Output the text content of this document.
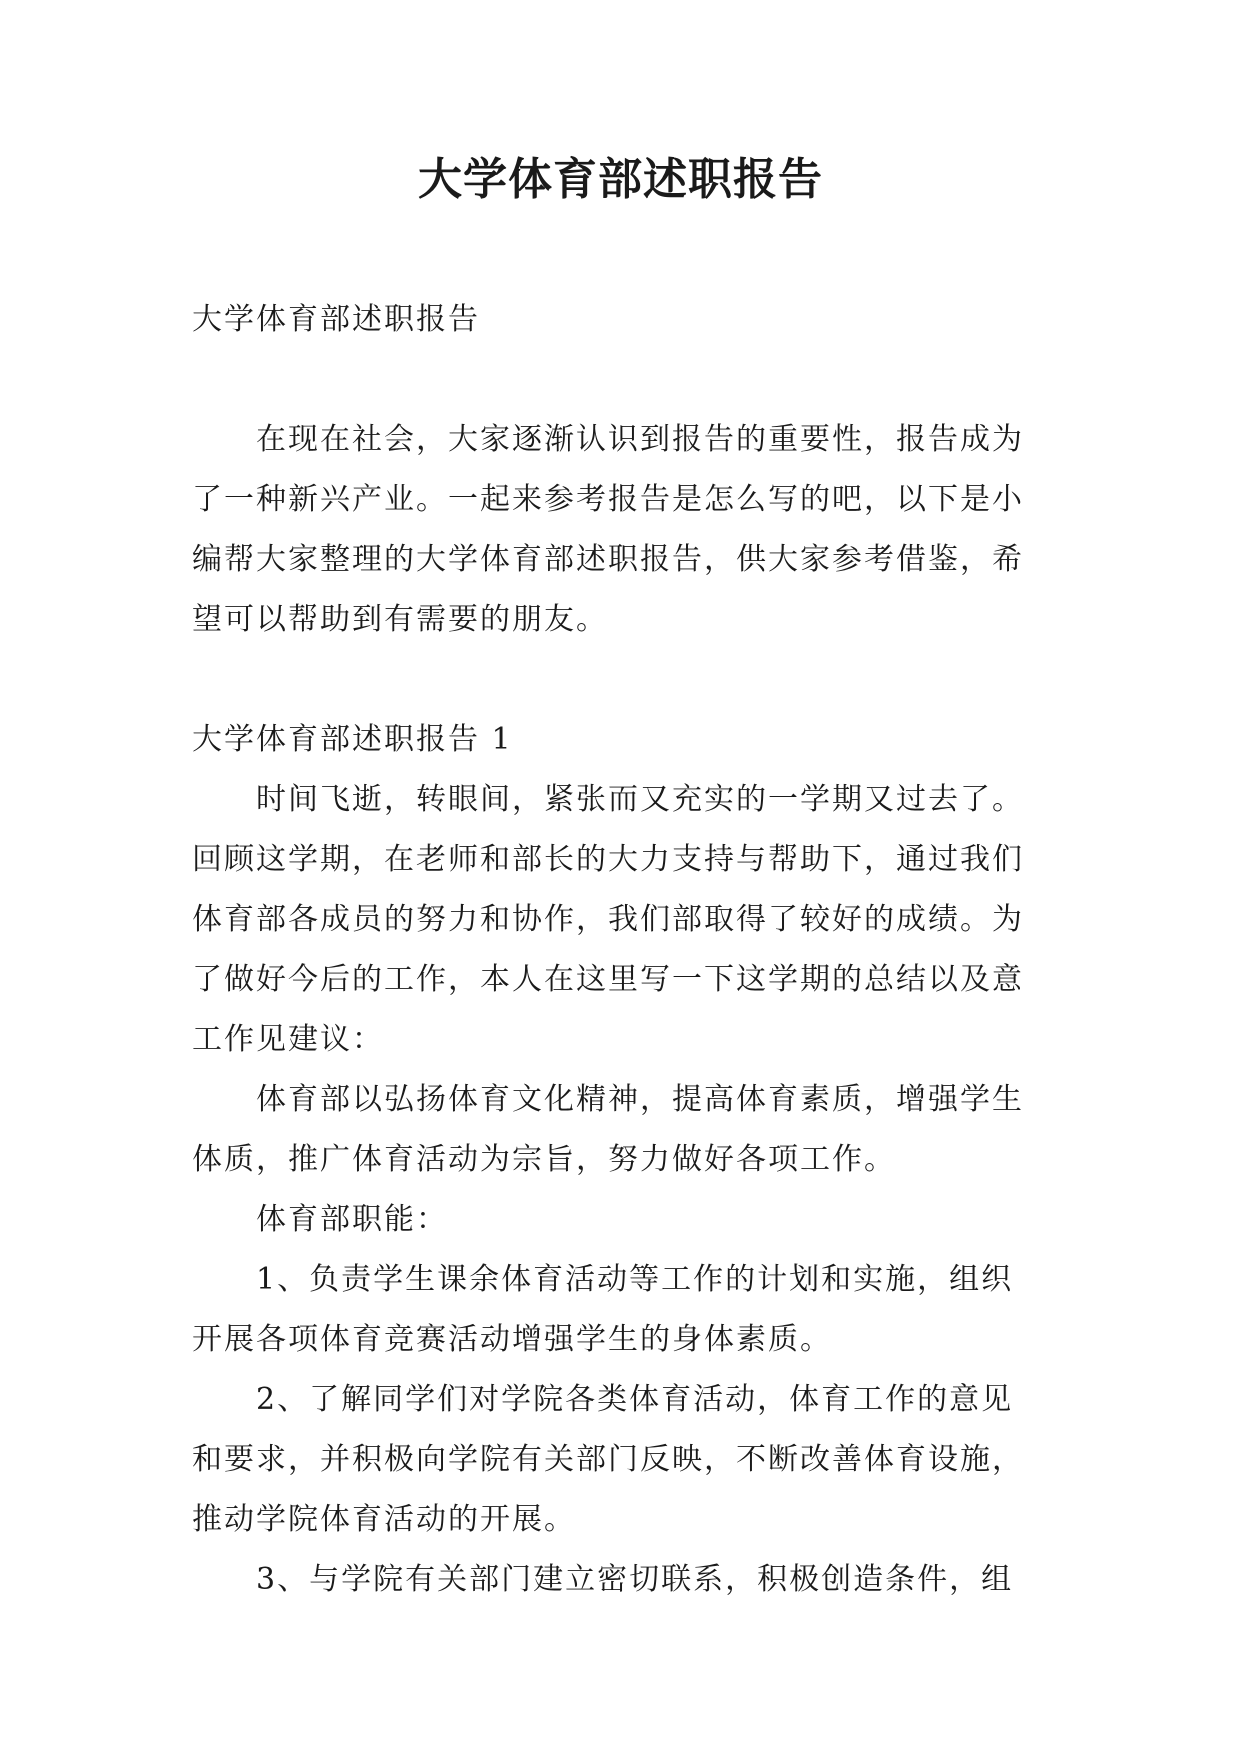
大学体育部述职报告

大学体育部述职报告

在现在社会，大家逐渐认识到报告的重要性，报告成为

了一种新兴产业。一起来参考报告是怎么写的吧，以下是小

编帮大家整理的大学体育部述职报告，供大家参考借鉴，希

望可以帮助到有需要的朋友。

大学体育部述职报告 1

时间飞逝，转眼间，紧张而又充实的一学期又过去了。

回顾这学期，在老师和部长的大力支持与帮助下，通过我们

体育部各成员的努力和协作，我们部取得了较好的成绩。为

了做好今后的工作，本人在这里写一下这学期的总结以及意

工作见建议：

体育部以弘扬体育文化精神，提高体育素质，增强学生

体质，推广体育活动为宗旨，努力做好各项工作。

体育部职能：

1、负责学生课余体育活动等工作的计划和实施，组织

开展各项体育竞赛活动增强学生的身体素质。

2、了解同学们对学院各类体育活动，体育工作的意见

和要求，并积极向学院有关部门反映，不断改善体育设施，

推动学院体育活动的开展。

3、与学院有关部门建立密切联系，积极创造条件，组
